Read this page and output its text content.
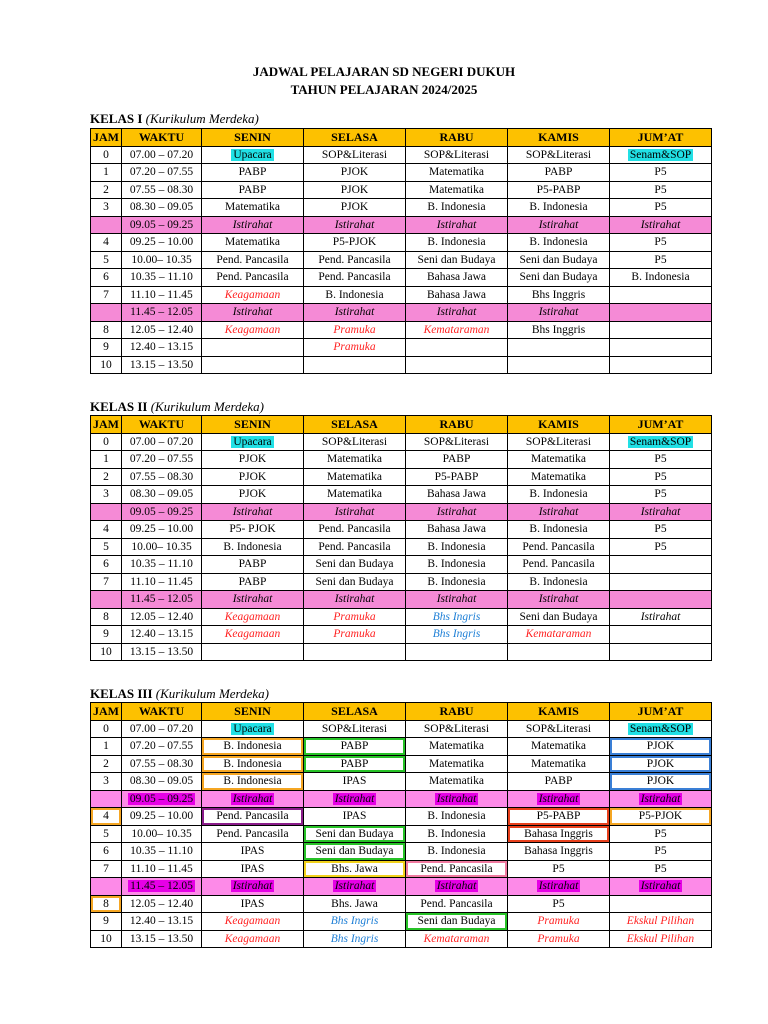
JADWAL PELAJARAN SD NEGERI DUKUH
TAHUN PELAJARAN 2024/2025
KELAS I (Kurikulum Merdeka)
KELAS II (Kurikulum Merdeka)
KELAS III (Kurikulum Merdeka)
JAM	WAKTU	SENIN	SELASA	RABU	KAMIS	JUM’AT
0	07.00 – 07.20	Upacara	SOP&Literasi	SOP&Literasi	SOP&Literasi	Senam&SOP
1	07.20 – 07.55	PABP	PJOK	Matematika	PABP	P5
2	07.55 – 08.30	PABP	PJOK	Matematika	P5-PABP	P5
3	08.30 – 09.05	Matematika	PJOK	B. Indonesia	B. Indonesia	P5
	09.05 – 09.25	Istirahat	Istirahat	Istirahat	Istirahat	Istirahat
4	09.25 – 10.00	Matematika	P5-PJOK	B. Indonesia	B. Indonesia	P5
5	10.00– 10.35	Pend. Pancasila	Pend. Pancasila	Seni dan Budaya	Seni dan Budaya	P5
6	10.35 – 11.10	Pend. Pancasila	Pend. Pancasila	Bahasa Jawa	Seni dan Budaya	B. Indonesia
7	11.10 – 11.45	Keagamaan	B. Indonesia	Bahasa Jawa	Bhs Inggris	
	11.45 – 12.05	Istirahat	Istirahat	Istirahat	Istirahat	
8	12.05 – 12.40	Keagamaan	Pramuka	Kemataraman	Bhs Inggris	
9	12.40 – 13.15		Pramuka			
10	13.15 – 13.50					
JAM	WAKTU	SENIN	SELASA	RABU	KAMIS	JUM’AT
0	07.00 – 07.20	Upacara	SOP&Literasi	SOP&Literasi	SOP&Literasi	Senam&SOP
1	07.20 – 07.55	PJOK	Matematika	PABP	Matematika	P5
2	07.55 – 08.30	PJOK	Matematika	P5-PABP	Matematika	P5
3	08.30 – 09.05	PJOK	Matematika	Bahasa Jawa	B. Indonesia	P5
	09.05 – 09.25	Istirahat	Istirahat	Istirahat	Istirahat	Istirahat
4	09.25 – 10.00	P5- PJOK	Pend. Pancasila	Bahasa Jawa	B. Indonesia	P5
5	10.00– 10.35	B. Indonesia	Pend. Pancasila	B. Indonesia	Pend. Pancasila	P5
6	10.35 – 11.10	PABP	Seni dan Budaya	B. Indonesia	Pend. Pancasila	
7	11.10 – 11.45	PABP	Seni dan Budaya	B. Indonesia	B. Indonesia	
	11.45 – 12.05	Istirahat	Istirahat	Istirahat	Istirahat	
8	12.05 – 12.40	Keagamaan	Pramuka	Bhs Ingris	Seni dan Budaya	Istirahat
9	12.40 – 13.15	Keagamaan	Pramuka	Bhs Ingris	Kemataraman	
10	13.15 – 13.50					
JAM	WAKTU	SENIN	SELASA	RABU	KAMIS	JUM’AT
0	07.00 – 07.20	Upacara	SOP&Literasi	SOP&Literasi	SOP&Literasi	Senam&SOP
1	07.20 – 07.55	B. Indonesia	PABP	Matematika	Matematika	PJOK
2	07.55 – 08.30	B. Indonesia	PABP	Matematika	Matematika	PJOK
3	08.30 – 09.05	B. Indonesia	IPAS	Matematika	PABP	PJOK
	09.05 – 09.25	Istirahat	Istirahat	Istirahat	Istirahat	Istirahat
4	09.25 – 10.00	Pend. Pancasila	IPAS	B. Indonesia	P5-PABP	P5-PJOK
5	10.00– 10.35	Pend. Pancasila	Seni dan Budaya	B. Indonesia	Bahasa Inggris	P5
6	10.35 – 11.10	IPAS	Seni dan Budaya	B. Indonesia	Bahasa Inggris	P5
7	11.10 – 11.45	IPAS	Bhs. Jawa	Pend. Pancasila	P5	P5
	11.45 – 12.05	Istirahat	Istirahat	Istirahat	Istirahat	Istirahat
8	12.05 – 12.40	IPAS	Bhs. Jawa	Pend. Pancasila	P5	
9	12.40 – 13.15	Keagamaan	Bhs Ingris	Seni dan Budaya	Pramuka	Ekskul Pilihan
10	13.15 – 13.50	Keagamaan	Bhs Ingris	Kemataraman	Pramuka	Ekskul Pilihan
